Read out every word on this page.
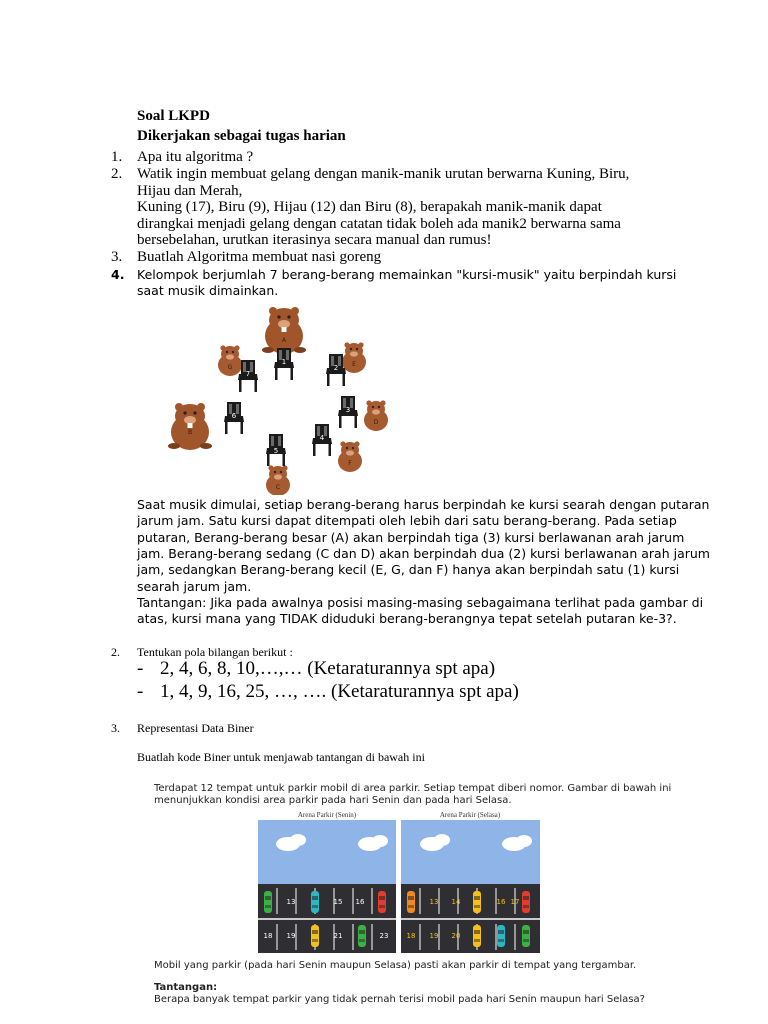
Soal LKPD
Dikerjakan sebagai tugas harian
1. Apa itu algoritma ?
2. Watik ingin membuat gelang dengan manik-manik urutan berwarna Kuning, Biru,
Hijau dan Merah,
Kuning (17), Biru (9), Hijau (12) dan Biru (8), berapakah manik-manik dapat
dirangkai menjadi gelang dengan catatan tidak boleh ada manik2 berwarna sama
bersebelahan, urutkan iterasinya secara manual dan rumus!
3. Buatlah Algoritma membuat nasi goreng
4. Kelompok berjumlah 7 berang-berang memainkan "kursi-musik" yaitu berpindah kursi
saat musik dimainkan.
1
2
3
4
5
6
7
A
B
C
D
E
F
G
Saat musik dimulai, setiap berang-berang harus berpindah ke kursi searah dengan putaran
jarum jam. Satu kursi dapat ditempati oleh lebih dari satu berang-berang. Pada setiap
putaran, Berang-berang besar (A) akan berpindah tiga (3) kursi berlawanan arah jarum
jam. Berang-berang sedang (C dan D) akan berpindah dua (2) kursi berlawanan arah jarum
jam, sedangkan Berang-berang kecil (E, G, dan F) hanya akan berpindah satu (1) kursi
searah jarum jam.
Tantangan: Jika pada awalnya posisi masing-masing sebagaimana terlihat pada gambar di
atas, kursi mana yang TIDAK diduduki berang-berangnya tepat setelah putaran ke-3?.
2. Tentukan pola bilangan berikut :
- 2, 4, 6, 8, 10,…,… (Ketaraturannya spt apa)
- 1, 4, 9, 16, 25, …, …. (Ketaraturannya spt apa)
3. Representasi Data Biner
Buatlah kode Biner untuk menjawab tantangan di bawah ini
Terdapat 12 tempat untuk parkir mobil di area parkir. Setiap tempat diberi nomor. Gambar di bawah ini
menunjukkan kondisi area parkir pada hari Senin dan pada hari Selasa.
Arena Parkir (Senin)	Arena Parkir (Selasa)
13	15 16
18 19	21	23
13 14	16 17
18 19 20
Mobil yang parkir (pada hari Senin maupun Selasa) pasti akan parkir di tempat yang tergambar.
Tantangan:
Berapa banyak tempat parkir yang tidak pernah terisi mobil pada hari Senin maupun hari Selasa?
